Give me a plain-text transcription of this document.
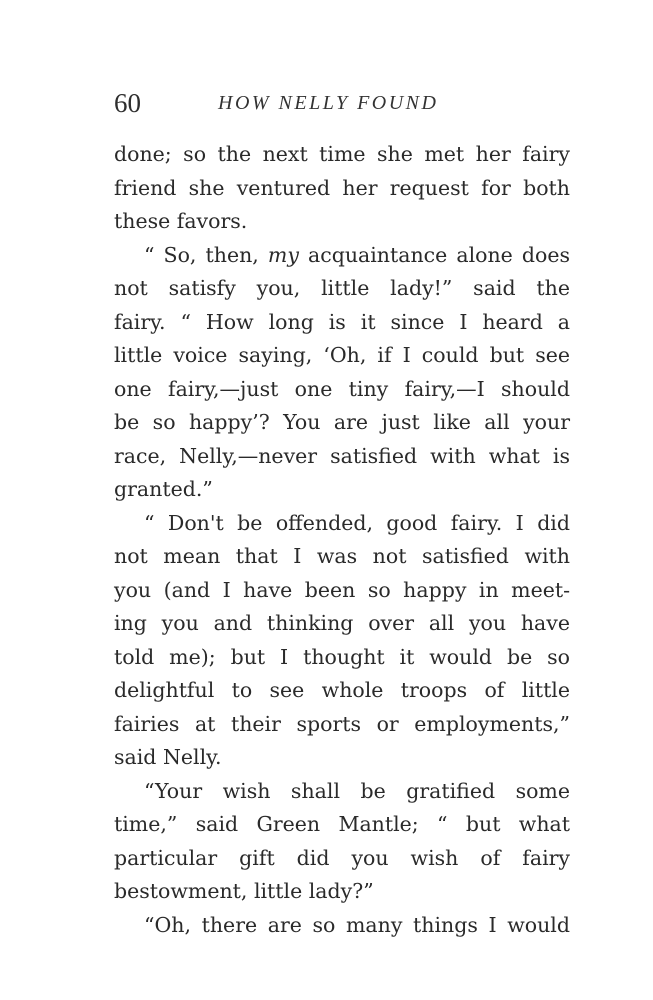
60	HOW NELLY FOUND
done; so the next time she met her fairy
friend she ventured her request for both
these favors.
“ So, then, my acquaintance alone does
not satisfy you, little lady!” said the
fairy. “ How long is it since I heard a
little voice saying, ‘Oh, if I could but see
one fairy,—just one tiny fairy,—I should
be so happy’? You are just like all your
race, Nelly,—never satisfied with what is
granted.”
“ Don't be offended, good fairy. I did
not mean that I was not satisfied with
you (and I have been so happy in meet-
ing you and thinking over all you have
told me); but I thought it would be so
delightful to see whole troops of little
fairies at their sports or employments,”
said Nelly.
“Your wish shall be gratified some
time,” said Green Mantle; “ but what
particular gift did you wish of fairy
bestowment, little lady?”
“Oh, there are so many things I would
